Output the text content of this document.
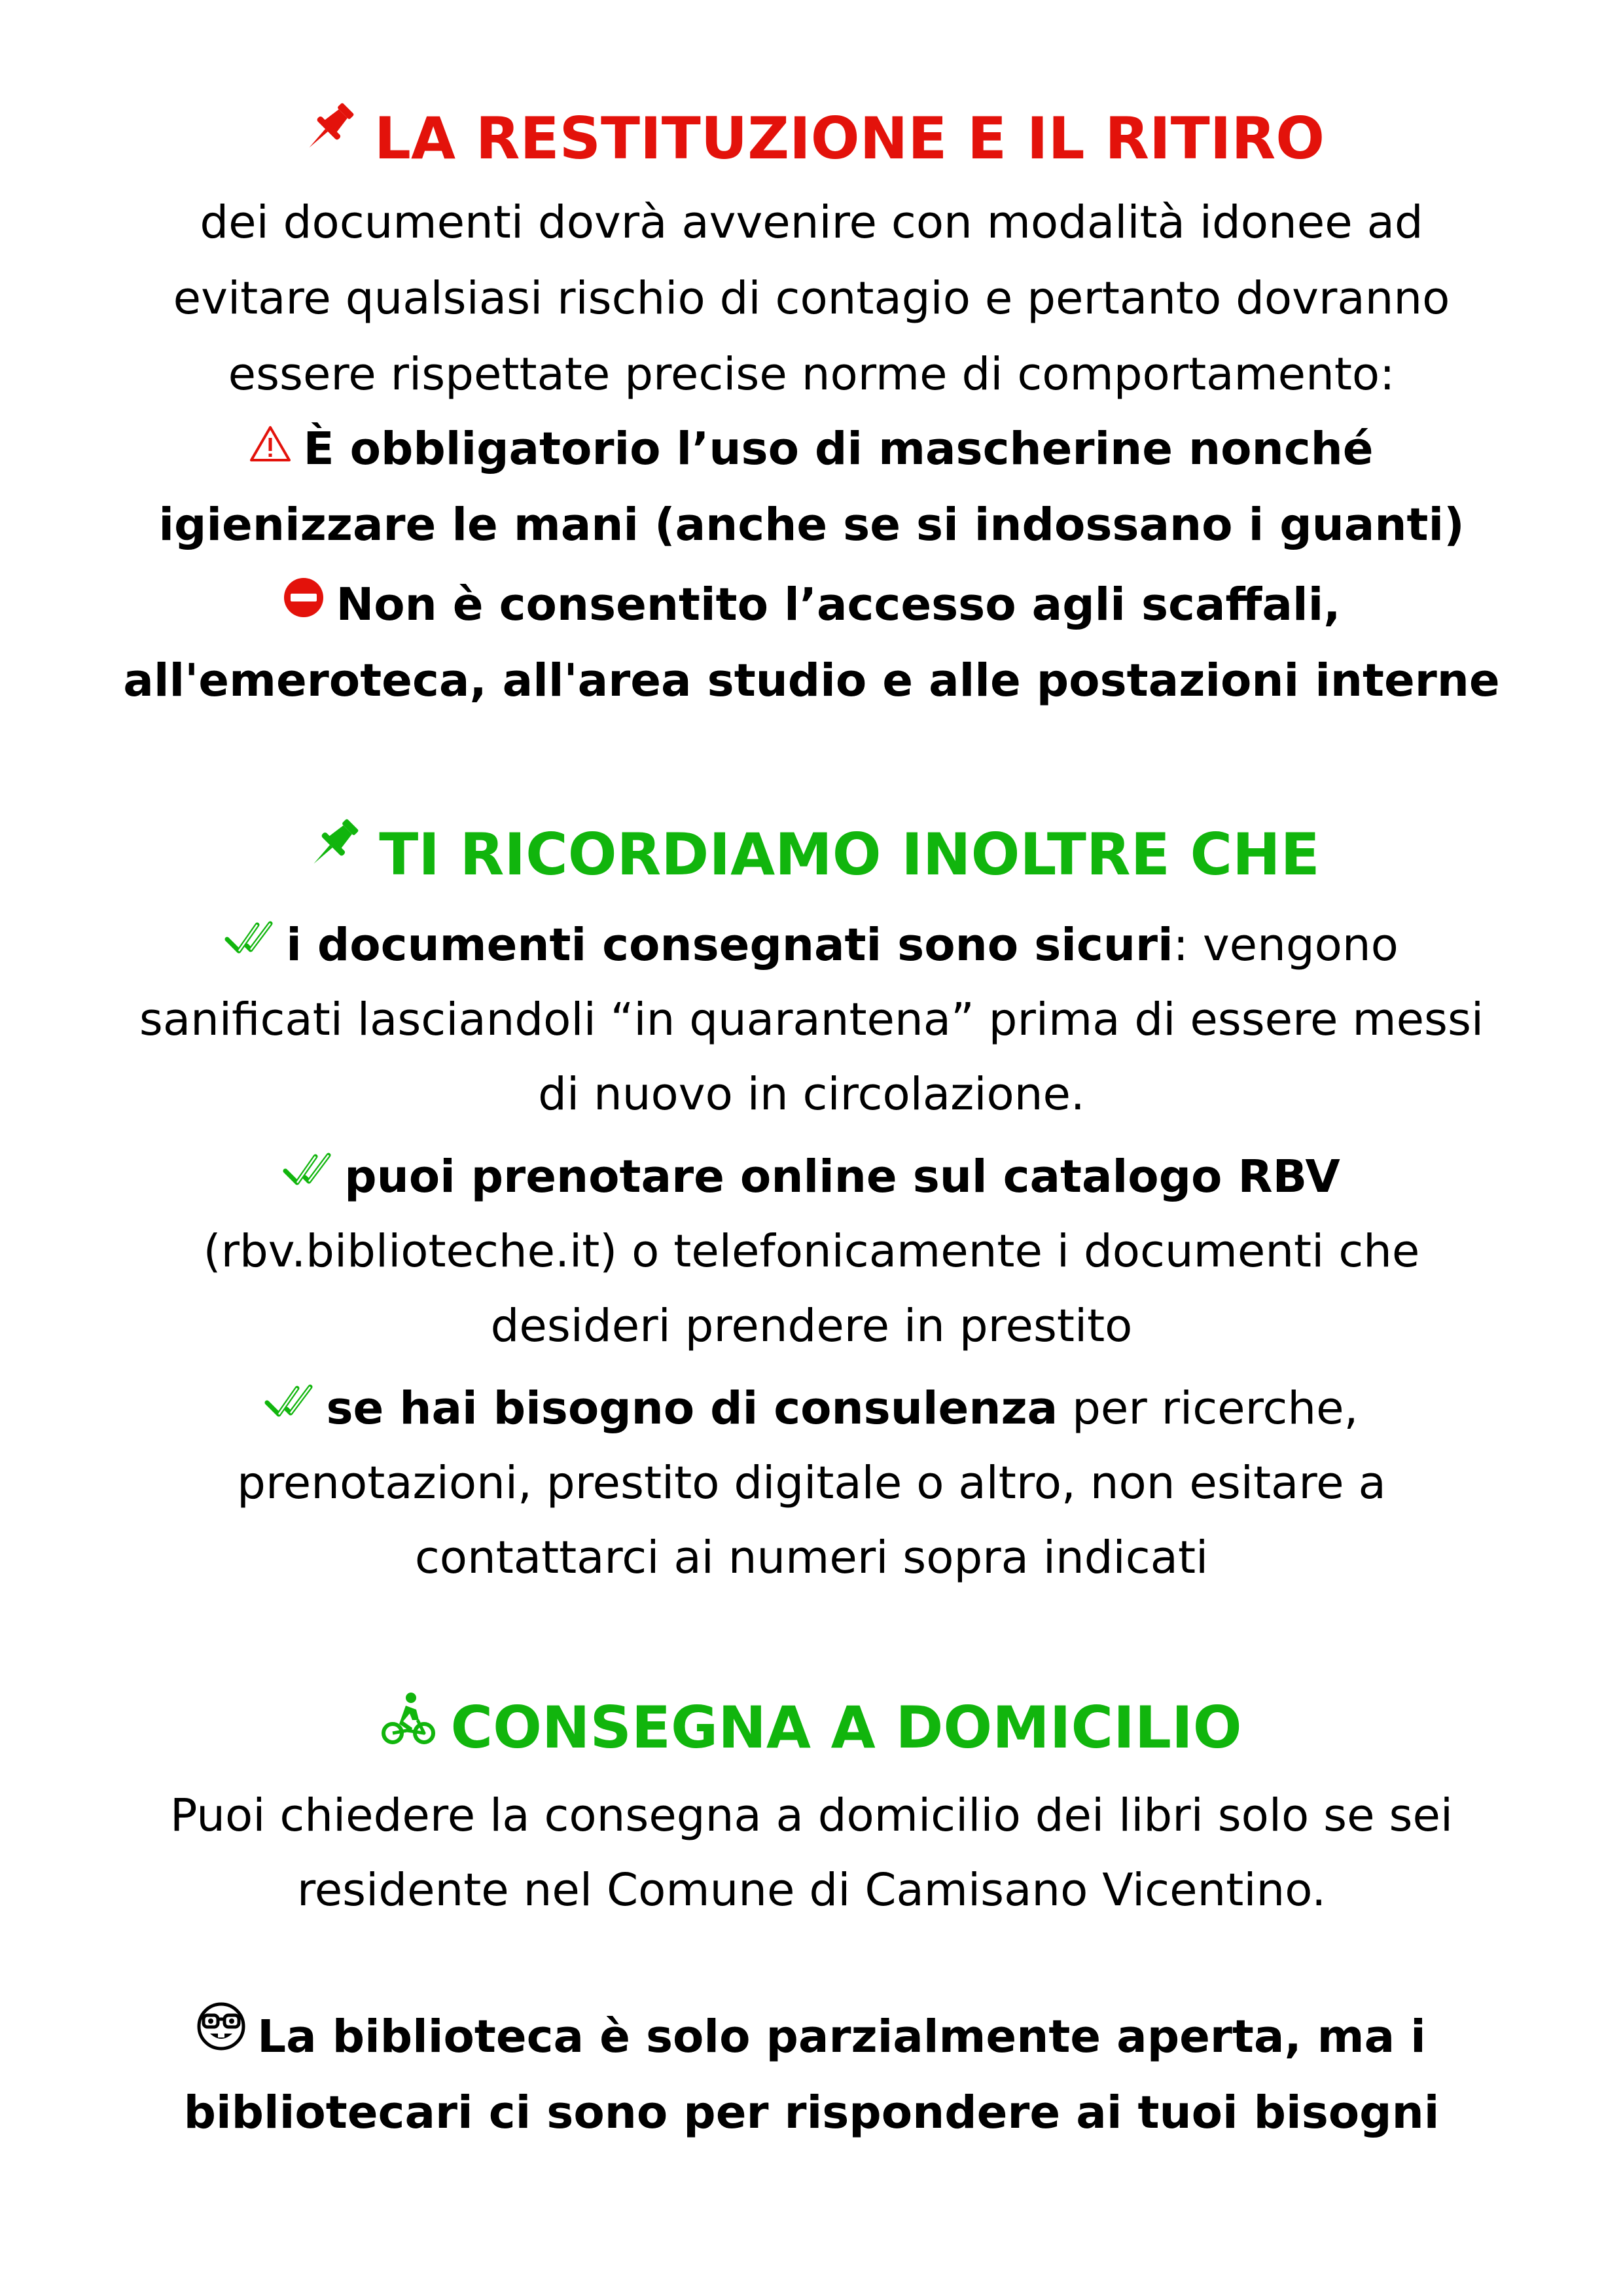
LA RESTITUZIONE E IL RITIRO
dei documenti dovrà avvenire con modalità idonee ad
evitare qualsiasi rischio di contagio e pertanto dovranno
essere rispettate precise norme di comportamento:
È obbligatorio l’uso di mascherine nonché
igienizzare le mani (anche se si indossano i guanti)
Non è consentito l’accesso agli scaffali,
all'emeroteca, all'area studio e alle postazioni interne
TI RICORDIAMO INOLTRE CHE
i documenti consegnati sono sicuri: vengono
sanificati lasciandoli “in quarantena” prima di essere messi
di nuovo in circolazione.
puoi prenotare online sul catalogo RBV
(rbv.biblioteche.it) o telefonicamente i documenti che
desideri prendere in prestito
se hai bisogno di consulenza per ricerche,
prenotazioni, prestito digitale o altro, non esitare a
contattarci ai numeri sopra indicati
CONSEGNA A DOMICILIO
Puoi chiedere la consegna a domicilio dei libri solo se sei
residente nel Comune di Camisano Vicentino.
La biblioteca è solo parzialmente aperta, ma i
bibliotecari ci sono per rispondere ai tuoi bisogni
